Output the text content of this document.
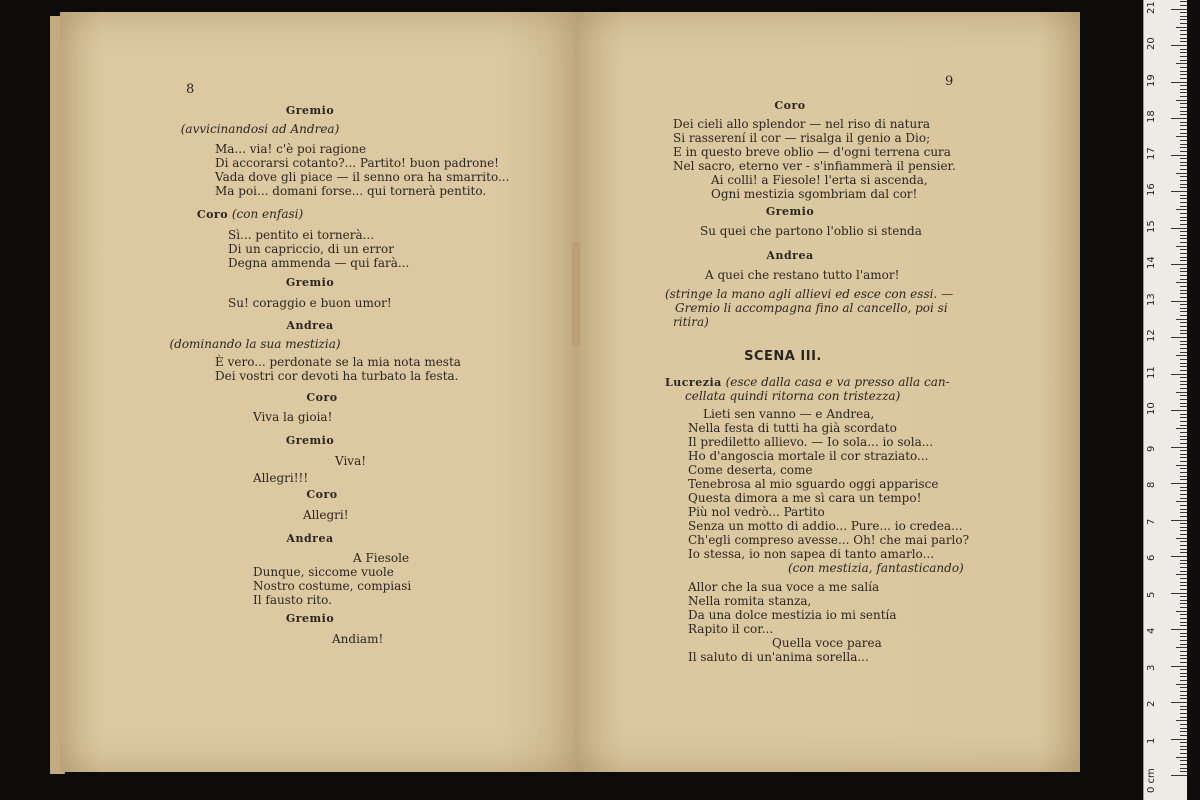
8
Gremio
(avvicinandosi ad Andrea)
Ma... via! c'è poi ragione
Di accorarsi cotanto?... Partito! buon padrone!
Vada dove gli piace — il senno ora ha smarrito...
Ma poi... domani forse... qui tornerà pentito.
Coro (con enfasi)
Sì... pentito ei tornerà...
Di un capriccio, di un error
Degna ammenda — qui farà...
Gremio
Su! coraggio e buon umor!
Andrea
(dominando la sua mestizia)
È vero... perdonate se la mia nota mesta
Dei vostri cor devoti ha turbato la festa.
Coro
Viva la gioia!
Gremio
Viva!
Allegri!!!
Coro
Allegri!
Andrea
A Fiesole
Dunque, siccome vuole
Nostro costume, compiasi
Il fausto rito.
Gremio
Andiam!
9
Coro
Dei cieli allo splendor — nel riso di natura
Si rasserení il cor — risalga il genio a Dio;
E in questo breve oblio — d'ogni terrena cura
Nel sacro, eterno ver - s'infiammerà il pensier.
Ai colli! a Fiesole! l'erta si ascenda,
Ogni mestizia sgombriam dal cor!
Gremio
Su quei che partono l'oblio si stenda
Andrea
A quei che restano tutto l'amor!
(stringe la mano agli allievi ed esce con essi. —
Gremio li accompagna fino al cancello, poi si
ritira)
SCENA III.
Lucrezia (esce dalla casa e va presso alla can-
cellata quindi ritorna con tristezza)
Lieti sen vanno — e Andrea,
Nella festa di tutti ha già scordato
Il prediletto allievo. — Io sola... io sola...
Ho d'angoscia mortale il cor straziato...
Come deserta, come
Tenebrosa al mio sguardo oggi apparisce
Questa dimora a me sì cara un tempo!
Più nol vedrò... Partito
Senza un motto di addio... Pure... io credea...
Ch'egli compreso avesse... Oh! che mai parlo?
Io stessa, io non sapea di tanto amarlo...
(con mestizia, fantasticando)
Allor che la sua voce a me salía
Nella romita stanza,
Da una dolce mestizia io mi sentía
Rapito il cor...
Quella voce parea
Il saluto di un'anima sorella...
0 cm
1
2
3
4
5
6
7
8
9
10
11
12
13
14
15
16
17
18
19
20
21
